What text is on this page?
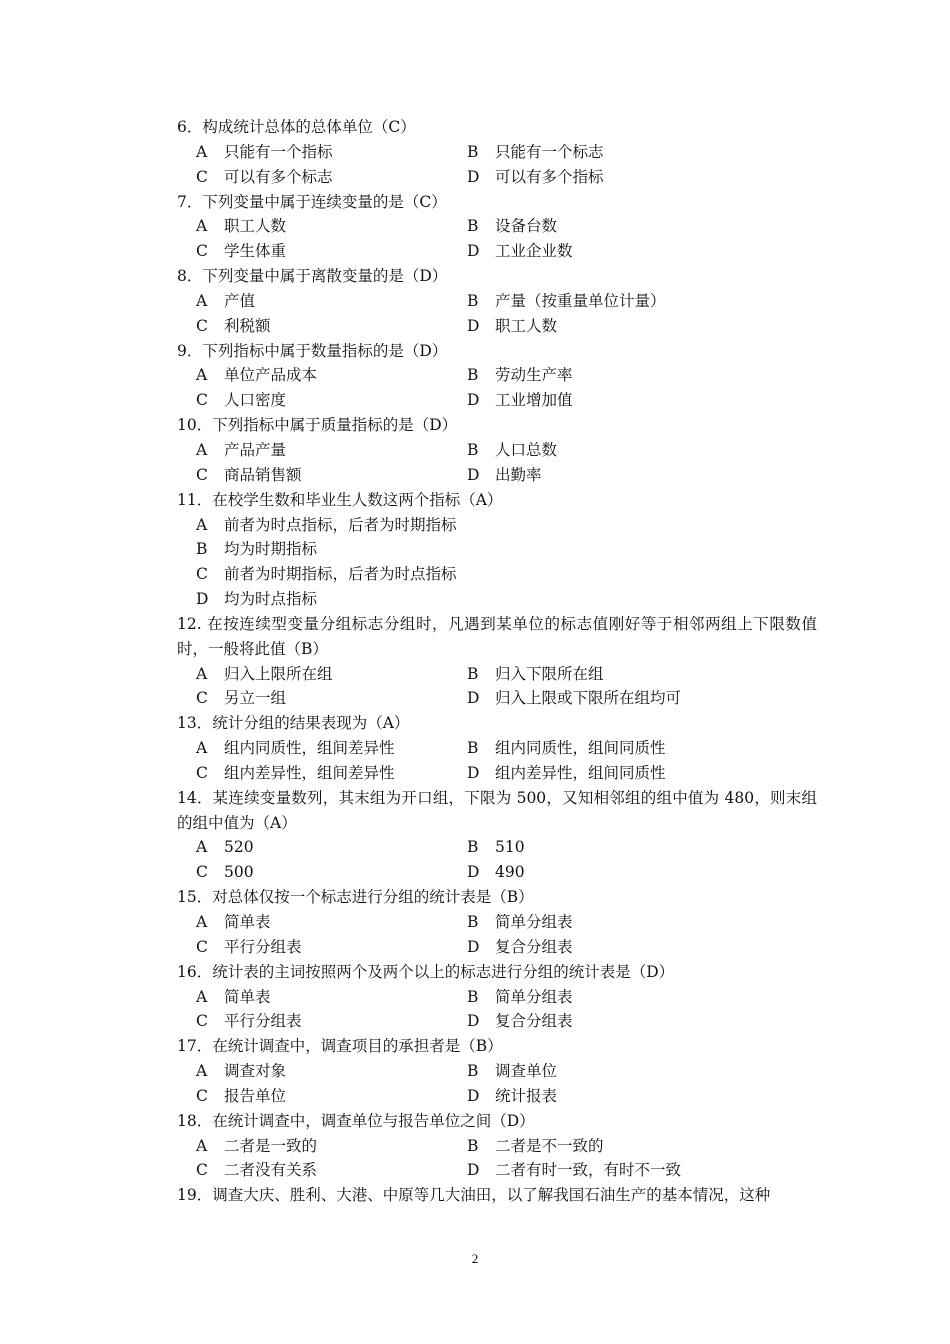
6．构成统计总体的总体单位（C）

A 只能有一个指标	B 只能有一个标志
C 可以有多个标志	D 可以有多个指标

7．下列变量中属于连续变量的是（C）

A 职工人数	B 设备台数
C 学生体重	D 工业企业数

8．下列变量中属于离散变量的是（D）

A 产值	B 产量（按重量单位计量）
C 利税额	D 职工人数

9．下列指标中属于数量指标的是（D）

A 单位产品成本	B 劳动生产率
C 人口密度	D 工业增加值

10．下列指标中属于质量指标的是（D）

A 产品产量	B 人口总数
C 商品销售额	D 出勤率

11．在校学生数和毕业生人数这两个指标（A）

A 前者为时点指标，后者为时期指标
B 均为时期指标
C 前者为时期指标，后者为时点指标
D 均为时点指标

12. 在按连续型变量分组标志分组时，凡遇到某单位的标志值刚好等于相邻两组上下限数值时，一般将此值（B）

A 归入上限所在组	B 归入下限所在组
C 另立一组	D 归入上限或下限所在组均可

13．统计分组的结果表现为（A）

A 组内同质性，组间差异性	B 组内同质性，组间同质性
C 组内差异性，组间差异性	D 组内差异性，组间同质性

14．某连续变量数列，其末组为开口组，下限为 500，又知相邻组的组中值为 480，则末组的组中值为（A）

A 520	B 510
C 500	D 490

15．对总体仅按一个标志进行分组的统计表是（B）

A 简单表	B 简单分组表
C 平行分组表	D 复合分组表

16．统计表的主词按照两个及两个以上的标志进行分组的统计表是（D）

A 简单表	B 简单分组表
C 平行分组表	D 复合分组表

17．在统计调查中，调查项目的承担者是（B）

A 调查对象	B 调查单位
C 报告单位	D 统计报表

18．在统计调查中，调查单位与报告单位之间（D）

A 二者是一致的	B 二者是不一致的
C 二者没有关系	D 二者有时一致，有时不一致

19．调查大庆、胜利、大港、中原等几大油田，以了解我国石油生产的基本情况，这种

2
